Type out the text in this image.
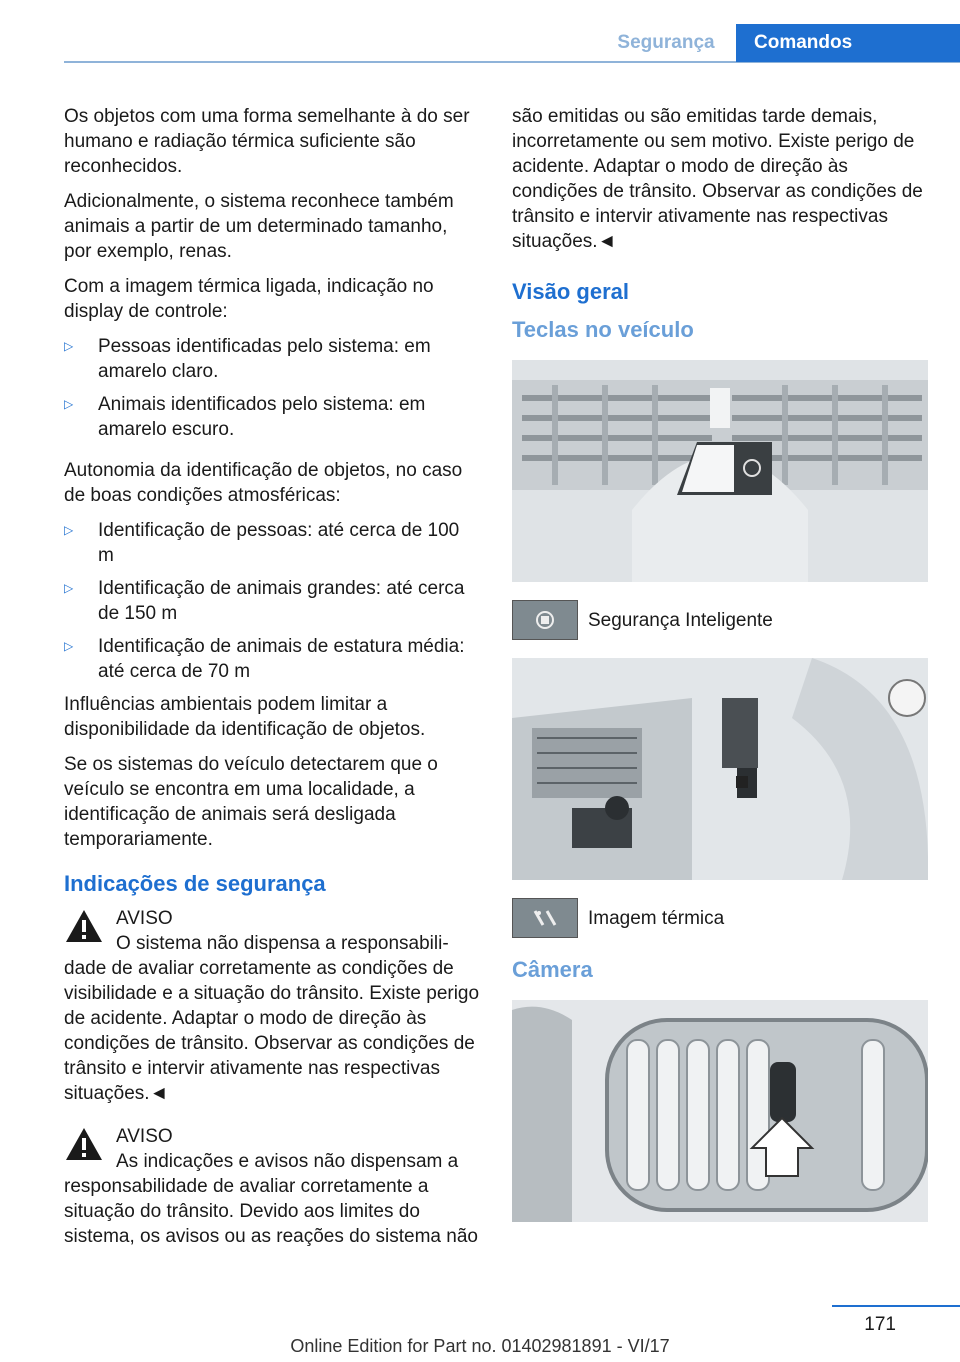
Segurança	Comandos

Os objetos com uma forma semelhante à do ser humano e radiação térmica suficiente são reconhecidos.

Adicionalmente, o sistema reconhece também animais a partir de um determinado tamanho, por exemplo, renas.

Com a imagem térmica ligada, indicação no display de controle:

▷	Pessoas identificadas pelo sistema: em amarelo claro.
▷	Animais identificados pelo sistema: em amarelo escuro.

Autonomia da identificação de objetos, no caso de boas condições atmosféricas:

▷	Identificação de pessoas: até cerca de 100 m
▷	Identificação de animais grandes: até cerca de 150 m
▷	Identificação de animais de estatura média: até cerca de 70 m

Influências ambientais podem limitar a disponibilidade da identificação de objetos.

Se os sistemas do veículo detectarem que o veículo se encontra em uma localidade, a identificação de animais será desligada temporariamente.

Indicações de segurança
AVISO
O sistema não dispensa a responsabili-
dade de avaliar corretamente as condições de visibilidade e a situação do trânsito. Existe perigo de acidente. Adaptar o modo de direção às condições de trânsito. Observar as condições de trânsito e intervir ativamente nas respectivas situações.◄
AVISO
As indicações e avisos não dispensam a
responsabilidade de avaliar corretamente a situação do trânsito. Devido aos limites do sistema, os avisos ou as reações do sistema não

são emitidas ou são emitidas tarde demais, incorretamente ou sem motivo. Existe perigo de acidente. Adaptar o modo de direção às condições de trânsito. Observar as condições de trânsito e intervir ativamente nas respectivas situações.◄

Visão geral
Teclas no veículo
Segurança Inteligente
Imagem térmica
Câmera
171
Online Edition for Part no. 01402981891 - VI/17
